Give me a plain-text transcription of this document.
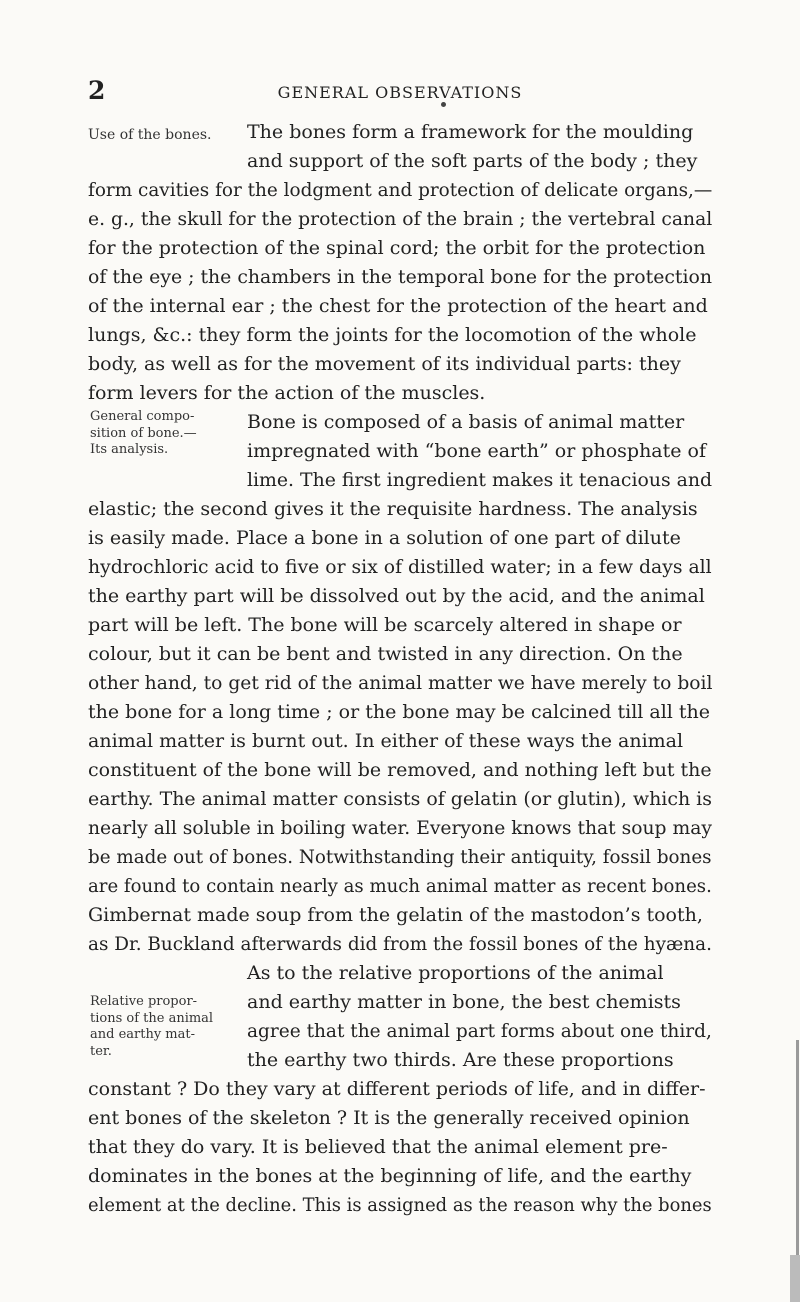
2	GENERAL OBSERVATIONS
Use of the bones.
General compo-
sition of bone.—
Its analysis.
Relative propor-
tions of the animal
and earthy mat-
ter.
The bones form a framework for the moulding
and support of the soft parts of the body ; they
form cavities for the lodgment and protection of delicate organs,—
e. g., the skull for the protection of the brain ; the vertebral canal
for the protection of the spinal cord; the orbit for the protection
of the eye ; the chambers in the temporal bone for the protection
of the internal ear ; the chest for the protection of the heart and
lungs, &c.: they form the joints for the locomotion of the whole
body, as well as for the movement of its individual parts: they
form levers for the action of the muscles.
Bone is composed of a basis of animal matter
impregnated with “bone earth” or phosphate of
lime. The first ingredient makes it tenacious and
elastic; the second gives it the requisite hardness. The analysis
is easily made. Place a bone in a solution of one part of dilute
hydrochloric acid to five or six of distilled water; in a few days all
the earthy part will be dissolved out by the acid, and the animal
part will be left. The bone will be scarcely altered in shape or
colour, but it can be bent and twisted in any direction. On the
other hand, to get rid of the animal matter we have merely to boil
the bone for a long time ; or the bone may be calcined till all the
animal matter is burnt out. In either of these ways the animal
constituent of the bone will be removed, and nothing left but the
earthy. The animal matter consists of gelatin (or glutin), which is
nearly all soluble in boiling water. Everyone knows that soup may
be made out of bones. Notwithstanding their antiquity, fossil bones
are found to contain nearly as much animal matter as recent bones.
Gimbernat made soup from the gelatin of the mastodon’s tooth,
as Dr. Buckland afterwards did from the fossil bones of the hyæna.
As to the relative proportions of the animal
and earthy matter in bone, the best chemists
agree that the animal part forms about one third,
the earthy two thirds. Are these proportions
constant ? Do they vary at different periods of life, and in differ-
ent bones of the skeleton ? It is the generally received opinion
that they do vary. It is believed that the animal element pre-
dominates in the bones at the beginning of life, and the earthy
element at the decline. This is assigned as the reason why the bones
